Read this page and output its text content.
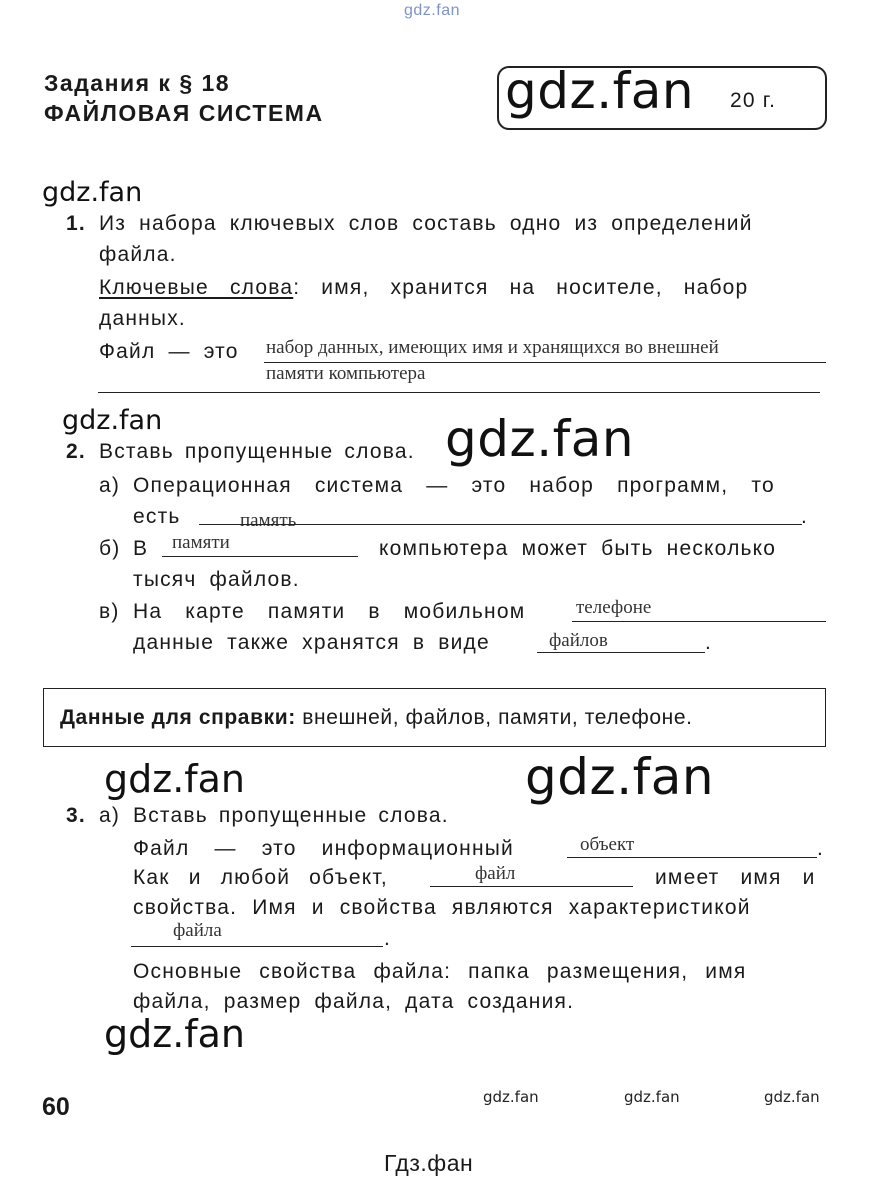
gdz.fan
Задания к § 18
ФАЙЛОВАЯ СИСТЕМА	gdz.fan 20 г.
gdz.fan
1. Из набора ключевых слов составь одно из определений
файла.
Ключевые слова: имя, хранится на носителе, набор
данных.
Файл — это набор данных, имеющих имя и хранящихся во внешней
памяти компьютера
gdz.fan
2. Вставь пропущенные слова. gdz.fan
а) Операционная система — это набор программ, то
есть	память	.
б) В памяти	компьютера может быть несколько
тысяч файлов.
в) На карте памяти в мобильном	телефоне
данные также хранятся в виде	файлов	.
Данные для справки: внешней, файлов, памяти, телефоне.
gdz.fan	gdz.fan
3. а) Вставь пропущенные слова.
Файл — это информационный	объект	.
Как и любой объект,	файл	имеет имя и
свойства. Имя и свойства являются характеристикой
файла	.
Основные свойства файла: папка размещения, имя
файла, размер файла, дата создания.
gdz.fan
60	gdz.fan	gdz.fan	gdz.fan
Гдз.фан
